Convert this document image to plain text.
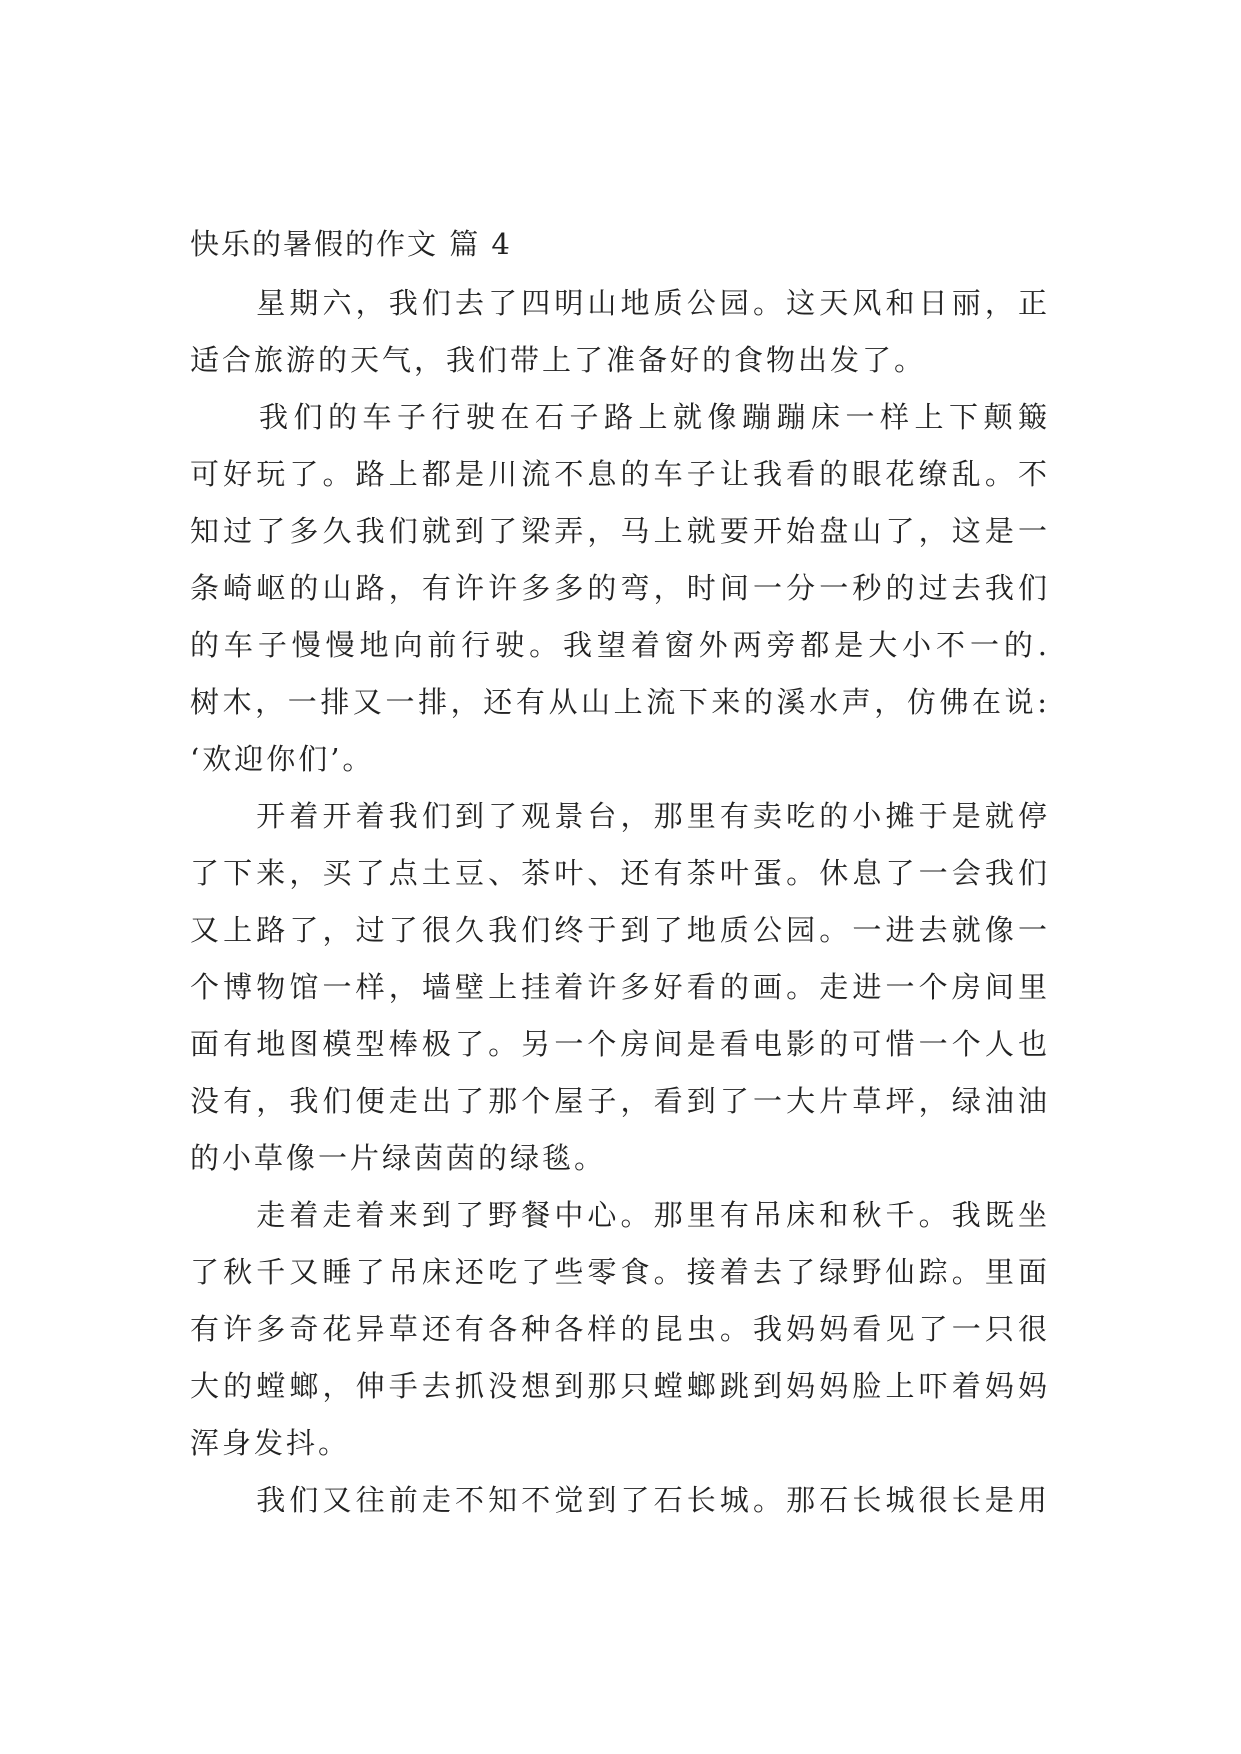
快乐的暑假的作文 篇 4
　　星期六，我们去了四明山地质公园。这天风和日丽，正
适合旅游的天气，我们带上了准备好的食物出发了。
　　我们的车子行驶在石子路上就像蹦蹦床一样上下颠簸
可好玩了。路上都是川流不息的车子让我看的眼花缭乱。不
知过了多久我们就到了梁弄，马上就要开始盘山了，这是一
条崎岖的山路，有许许多多的弯，时间一分一秒的过去我们
的车子慢慢地向前行驶。我望着窗外两旁都是大小不一的.
树木，一排又一排，还有从山上流下来的溪水声，仿佛在说:
‘欢迎你们’。
　　开着开着我们到了观景台，那里有卖吃的小摊于是就停
了下来，买了点土豆、茶叶、还有茶叶蛋。休息了一会我们
又上路了，过了很久我们终于到了地质公园。一进去就像一
个博物馆一样，墙壁上挂着许多好看的画。走进一个房间里
面有地图模型棒极了。另一个房间是看电影的可惜一个人也
没有，我们便走出了那个屋子，看到了一大片草坪，绿油油
的小草像一片绿茵茵的绿毯。
　　走着走着来到了野餐中心。那里有吊床和秋千。我既坐
了秋千又睡了吊床还吃了些零食。接着去了绿野仙踪。里面
有许多奇花异草还有各种各样的昆虫。我妈妈看见了一只很
大的螳螂，伸手去抓没想到那只螳螂跳到妈妈脸上吓着妈妈
浑身发抖。
　　我们又往前走不知不觉到了石长城。那石长城很长是用
